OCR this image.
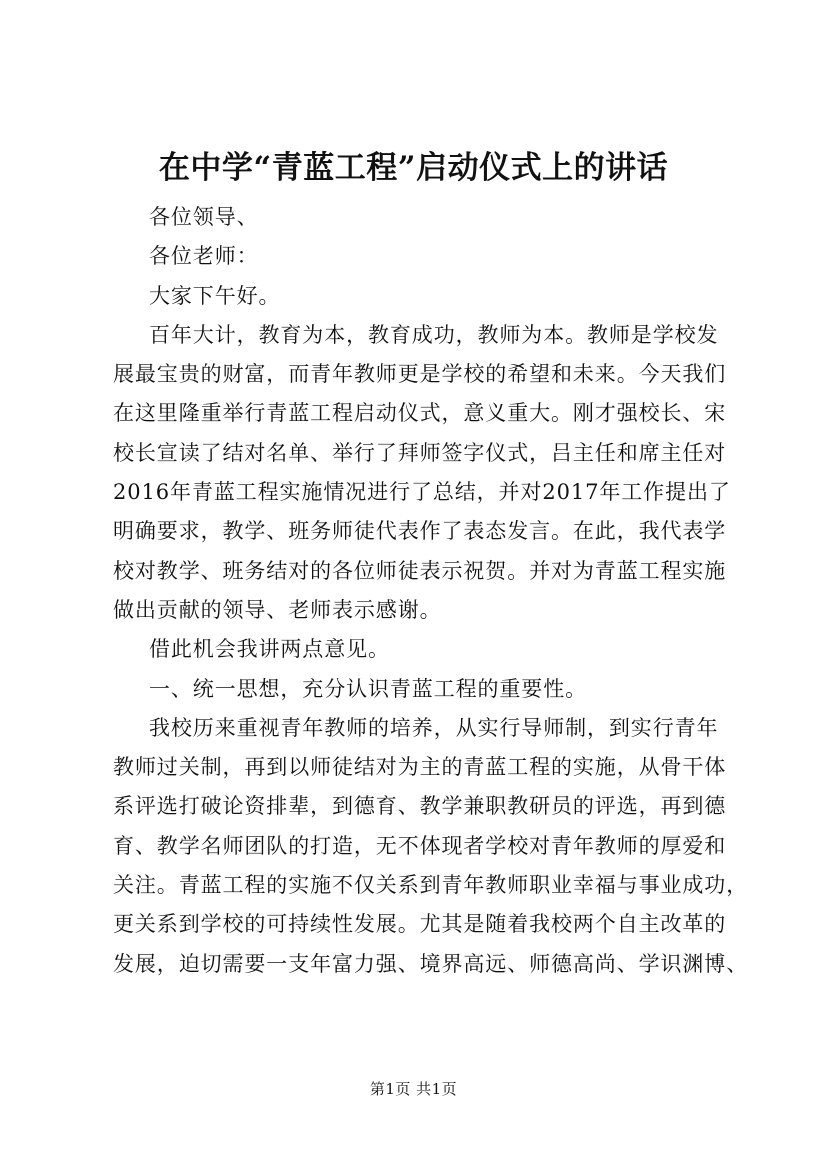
在中学“青蓝工程”启动仪式上的讲话
各位领导、
各位老师：
大家下午好。
百年大计，教育为本，教育成功，教师为本。教师是学校发
展最宝贵的财富，而青年教师更是学校的希望和未来。今天我们
在这里隆重举行青蓝工程启动仪式，意义重大。刚才强校长、宋
校长宣读了结对名单、举行了拜师签字仪式，吕主任和席主任对
2016年青蓝工程实施情况进行了总结，并对2017年工作提出了
明确要求，教学、班务师徒代表作了表态发言。在此，我代表学
校对教学、班务结对的各位师徒表示祝贺。并对为青蓝工程实施
做出贡献的领导、老师表示感谢。
借此机会我讲两点意见。
一、统一思想，充分认识青蓝工程的重要性。
我校历来重视青年教师的培养，从实行导师制，到实行青年
教师过关制，再到以师徒结对为主的青蓝工程的实施，从骨干体
系评选打破论资排辈，到德育、教学兼职教研员的评选，再到德
育、教学名师团队的打造，无不体现者学校对青年教师的厚爱和
关注。青蓝工程的实施不仅关系到青年教师职业幸福与事业成功，
更关系到学校的可持续性发展。尤其是随着我校两个自主改革的
发展，迫切需要一支年富力强、境界高远、师德高尚、学识渊博、
第1页 共1页
